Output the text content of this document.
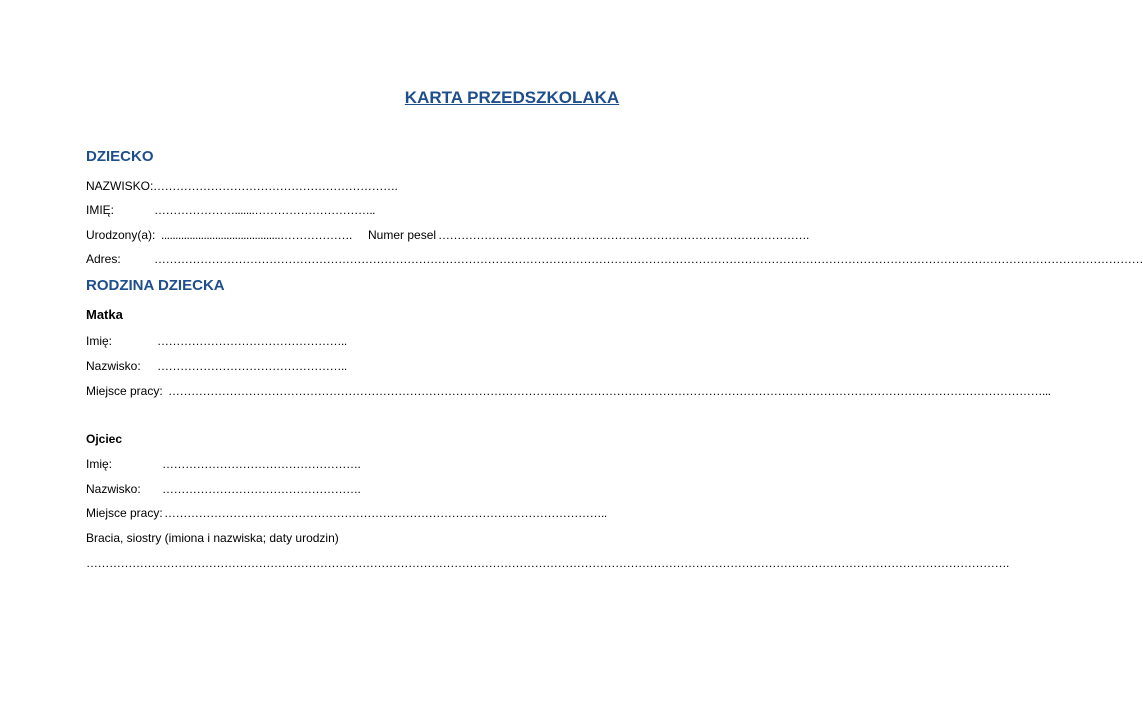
KARTA PRZEDSZKOLAKA
DZIECKO
NAZWISKO: ……………………………………………………….
IMIĘ:	………………….......…………………………..
Urodzony(a): ..........................................………………. Numer pesel …………………………………………………………………………………….
Adres:	……………………………………………………………………………………………………………………………………………………………………………………………………………………………………
RODZINA DZIECKA
Matka
Imię:	…………………………………………..
Nazwisko: …………………………………………..
Miejsce pracy: …………………………………………………………………………………………………………………………………………………………………………………………………………...
Ojciec
Imię:	…………………………………………….
Nazwisko: …………………………………………….
Miejsce pracy: ……………………………………………………………………………………………………..
Bracia, siostry (imiona i nazwiska; daty urodzin)
…………………………………………………………………………………………………………………………………………………………………………………………………………………….
